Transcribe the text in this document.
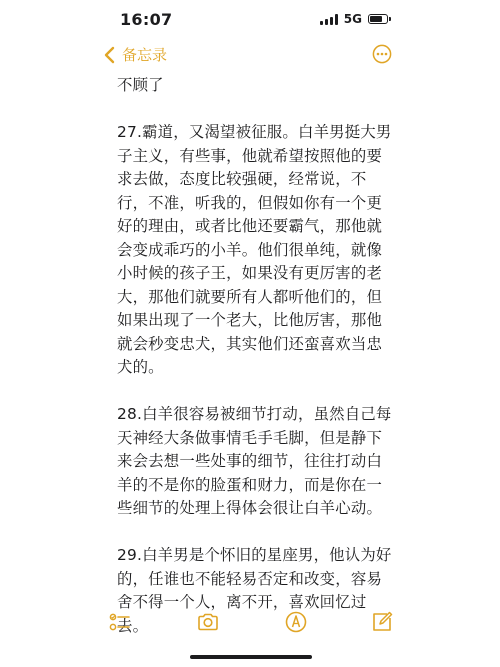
16:07	5G
备忘录
不顾了
27.霸道，又渴望被征服。白羊男挺大男
子主义，有些事，他就希望按照他的要
求去做，态度比较强硬，经常说，不
行，不准，听我的，但假如你有一个更
好的理由，或者比他还要霸气，那他就
会变成乖巧的小羊。他们很单纯，就像
小时候的孩子王，如果没有更厉害的老
大，那他们就要所有人都听他们的，但
如果出现了一个老大，比他厉害，那他
就会秒变忠犬，其实他们还蛮喜欢当忠
犬的。
28.白羊很容易被细节打动，虽然自己每
天神经大条做事情毛手毛脚，但是静下
来会去想一些处事的细节，往往打动白
羊的不是你的脸蛋和财力，而是你在一
些细节的处理上得体会很让白羊心动。
29.白羊男是个怀旧的星座男，他认为好
的，任谁也不能轻易否定和改变，容易
舍不得一个人，离不开，喜欢回忆过
去。
